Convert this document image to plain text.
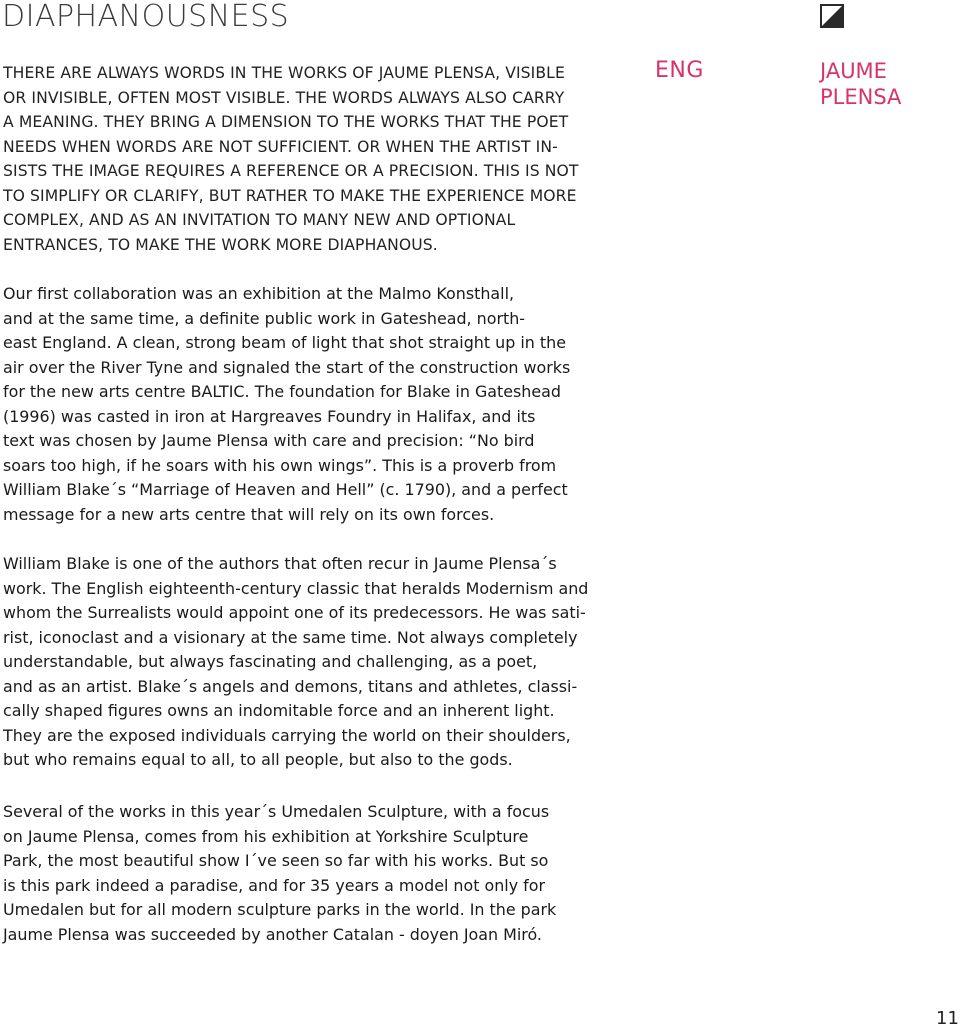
DIAPHANOUSNESS
ENG	JAUME
PLENSA

THERE ARE ALWAYS WORDS IN THE WORKS OF JAUME PLENSA, VISIBLE
OR INVISIBLE, OFTEN MOST VISIBLE. THE WORDS ALWAYS ALSO CARRY
A MEANING. THEY BRING A DIMENSION TO THE WORKS THAT THE POET
NEEDS WHEN WORDS ARE NOT SUFFICIENT. OR WHEN THE ARTIST IN-
SISTS THE IMAGE REQUIRES A REFERENCE OR A PRECISION. THIS IS NOT
TO SIMPLIFY OR CLARIFY, BUT RATHER TO MAKE THE EXPERIENCE MORE
COMPLEX, AND AS AN INVITATION TO MANY NEW AND OPTIONAL
ENTRANCES, TO MAKE THE WORK MORE DIAPHANOUS.

Our first collaboration was an exhibition at the Malmo Konsthall,
and at the same time, a definite public work in Gateshead, north-
east England. A clean, strong beam of light that shot straight up in the
air over the River Tyne and signaled the start of the construction works
for the new arts centre BALTIC. The foundation for Blake in Gateshead
(1996) was casted in iron at Hargreaves Foundry in Halifax, and its
text was chosen by Jaume Plensa with care and precision: “No bird
soars too high, if he soars with his own wings”. This is a proverb from
William Blake´s “Marriage of Heaven and Hell” (c. 1790), and a perfect
message for a new arts centre that will rely on its own forces.

William Blake is one of the authors that often recur in Jaume Plensa´s
work. The English eighteenth-century classic that heralds Modernism and
whom the Surrealists would appoint one of its predecessors. He was sati-
rist, iconoclast and a visionary at the same time. Not always completely
understandable, but always fascinating and challenging, as a poet,
and as an artist. Blake´s angels and demons, titans and athletes, classi-
cally shaped figures owns an indomitable force and an inherent light.
They are the exposed individuals carrying the world on their shoulders,
but who remains equal to all, to all people, but also to the gods.

Several of the works in this year´s Umedalen Sculpture, with a focus
on Jaume Plensa, comes from his exhibition at Yorkshire Sculpture
Park, the most beautiful show I´ve seen so far with his works. But so
is this park indeed a paradise, and for 35 years a model not only for
Umedalen but for all modern sculpture parks in the world. In the park
Jaume Plensa was succeeded by another Catalan - doyen Joan Miró.

11
